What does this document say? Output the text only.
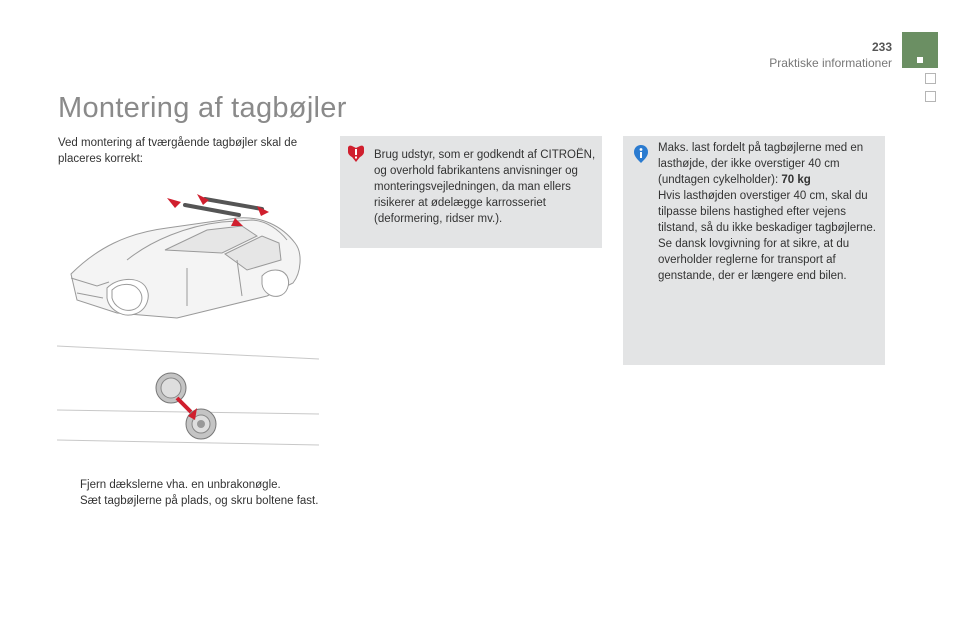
233
Praktiske informationer
Montering af tagbøjler
Ved montering af tværgående tagbøjler skal de placeres korrekt:	Brug udstyr, som er godkendt af CITROËN, og overhold fabrikantens anvisninger og monteringsvejledningen, da man ellers risikerer at ødelægge karrosseriet (deformering, ridser mv.).
Maks. last fordelt på tagbøjlerne med en lasthøjde, der ikke overstiger 40 cm (undtagen cykelholder): 70 kg
Hvis lasthøjden overstiger 40 cm, skal du tilpasse bilens hastighed efter vejens tilstand, så du ikke beskadiger tagbøjlerne.
Se dansk lovgivning for at sikre, at du overholder reglerne for transport af genstande, der er længere end bilen.
Fjern dækslerne vha. en unbrakonøgle.
Sæt tagbøjlerne på plads, og skru boltene fast.
